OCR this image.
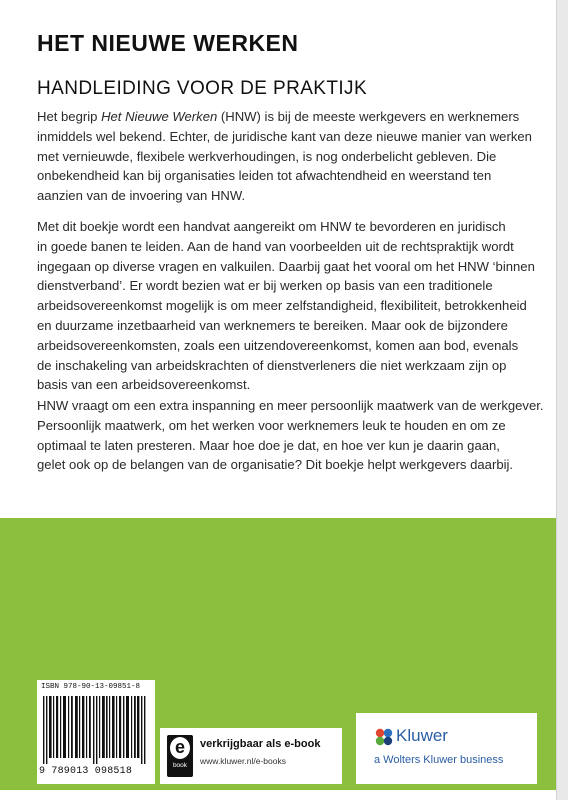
HET NIEUWE WERKEN
HANDLEIDING VOOR DE PRAKTIJK
Het begrip Het Nieuwe Werken (HNW) is bij de meeste werkgevers en werknemers
inmiddels wel bekend. Echter, de juridische kant van deze nieuwe manier van werken
met vernieuwde, flexibele werkverhoudingen, is nog onderbelicht gebleven. Die
onbekendheid kan bij organisaties leiden tot afwachtendheid en weerstand ten
aanzien van de invoering van HNW.
Met dit boekje wordt een handvat aangereikt om HNW te bevorderen en juridisch
in goede banen te leiden. Aan de hand van voorbeelden uit de rechtspraktijk wordt
ingegaan op diverse vragen en valkuilen. Daarbij gaat het vooral om het HNW ‘binnen
dienstverband’. Er wordt bezien wat er bij werken op basis van een traditionele
arbeidsovereenkomst mogelijk is om meer zelfstandigheid, flexibiliteit, betrokkenheid
en duurzame inzetbaarheid van werknemers te bereiken. Maar ook de bijzondere
arbeidsovereenkomsten, zoals een uitzendovereenkomst, komen aan bod, evenals
de inschakeling van arbeidskrachten of dienstverleners die niet werkzaam zijn op
basis van een arbeidsovereenkomst.
HNW vraagt om een extra inspanning en meer persoonlijk maatwerk van de werkgever.
Persoonlijk maatwerk, om het werken voor werknemers leuk te houden en om ze
optimaal te laten presteren. Maar hoe doe je dat, en hoe ver kun je daarin gaan,
gelet ook op de belangen van de organisatie? Dit boekje helpt werkgevers daarbij.
ISBN 978-90-13-09851-8
9 789013 098518
e
book
verkrijgbaar als e-book
www.kluwer.nl/e-books
Kluwer
a Wolters Kluwer business
